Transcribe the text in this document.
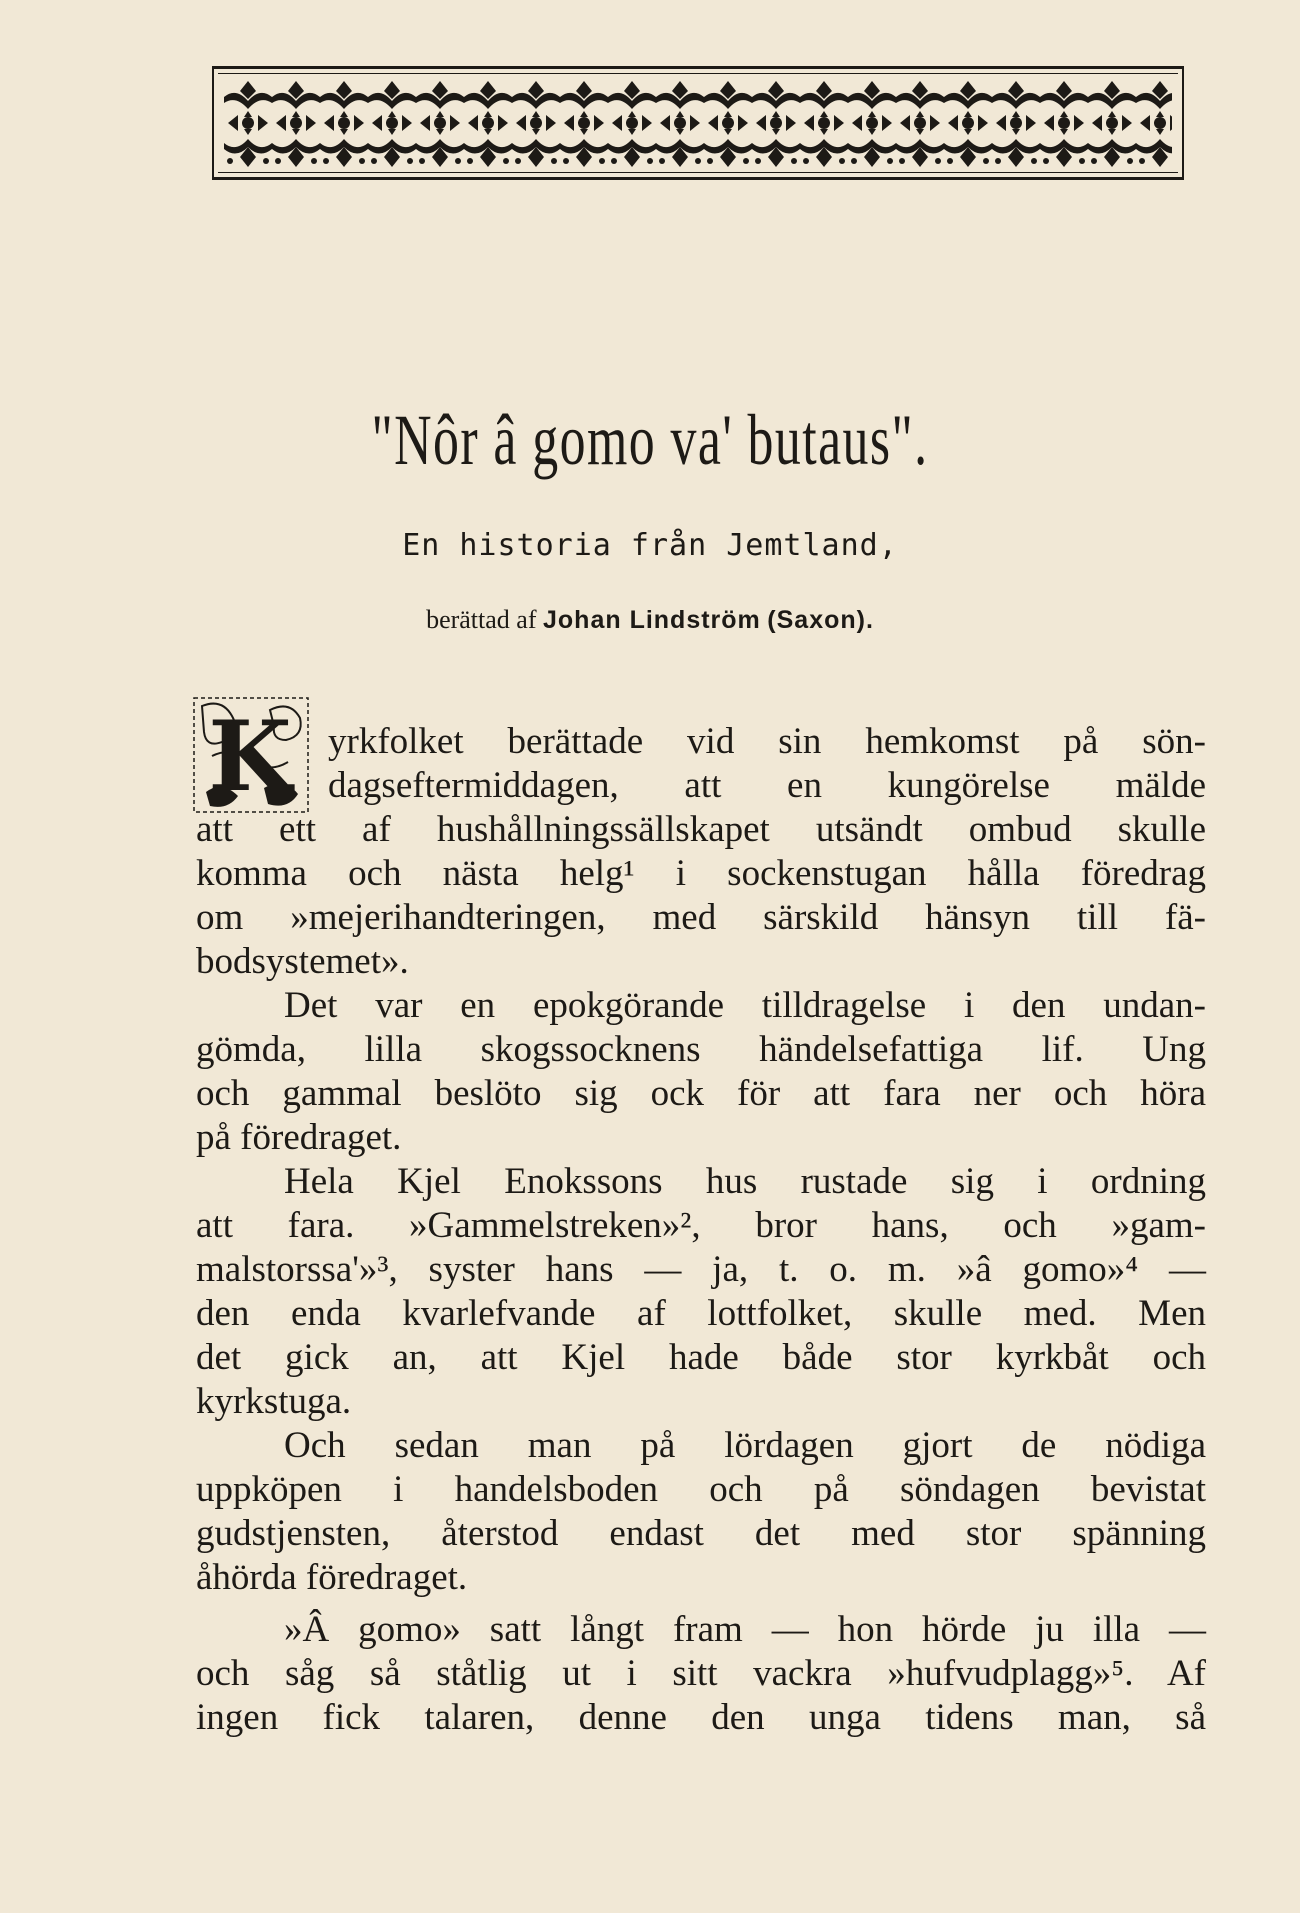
"Nôr â gomo va' butaus".
En historia från Jemtland,
berättad af Johan Lindström (Saxon).
K yrkfolket berättade vid sin hemkomst på sön-
dagseftermiddagen, att en kungörelse mälde
att ett af hushållningssällskapet utsändt ombud skulle
komma och nästa helg¹ i sockenstugan hålla föredrag
om »mejerihandteringen, med särskild hänsyn till fä-
bodsystemet».
Det var en epokgörande tilldragelse i den undan-
gömda, lilla skogssocknens händelsefattiga lif. Ung
och gammal beslöto sig ock för att fara ner och höra
på föredraget.
Hela Kjel Enokssons hus rustade sig i ordning
att fara. »Gammelstreken»², bror hans, och »gam-
malstorssa'»³, syster hans — ja, t. o. m. »â gomo»⁴ —
den enda kvarlefvande af lottfolket, skulle med. Men
det gick an, att Kjel hade både stor kyrkbåt och
kyrkstuga.
Och sedan man på lördagen gjort de nödiga
uppköpen i handelsboden och på söndagen bevistat
gudstjensten, återstod endast det med stor spänning
åhörda föredraget.
»Â gomo» satt långt fram — hon hörde ju illa —
och såg så ståtlig ut i sitt vackra »hufvudplagg»⁵. Af
ingen fick talaren, denne den unga tidens man, så
